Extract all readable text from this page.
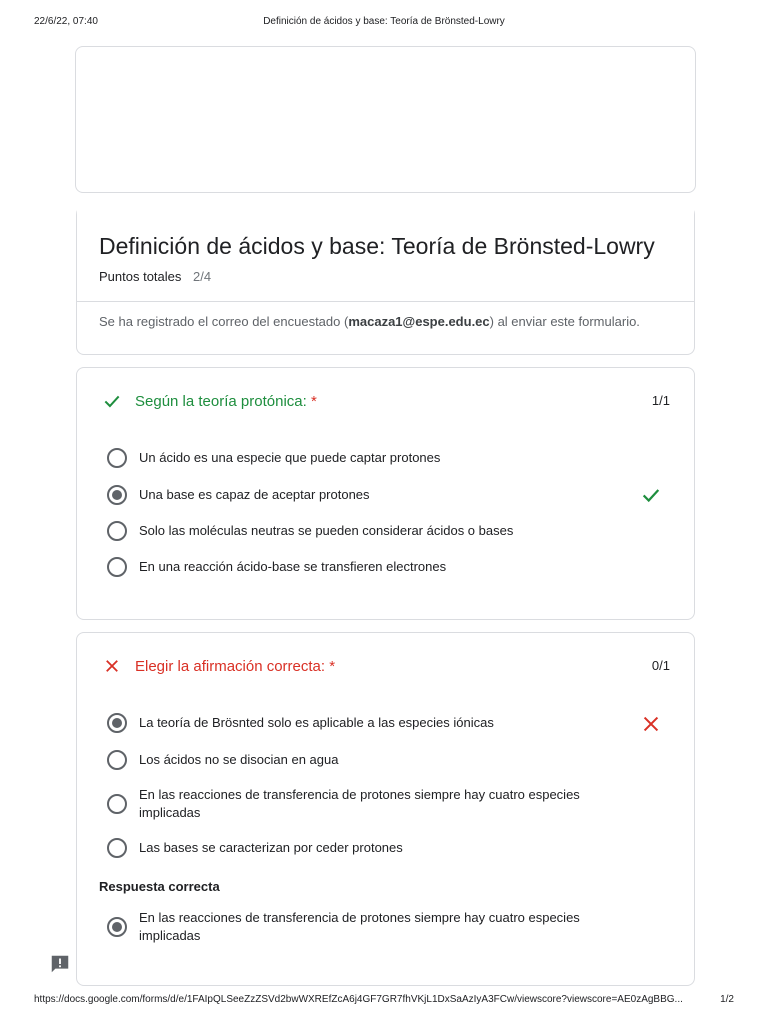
22/6/22, 07:40	Definición de ácidos y base: Teoría de Brönsted-Lowry
Definición de ácidos y base: Teoría de Brönsted-Lowry
Puntos totales 2/4
Se ha registrado el correo del encuestado (macaza1@espe.edu.ec) al enviar este formulario.
Según la teoría protónica: *	1/1
Un ácido es una especie que puede captar protones
Una base es capaz de aceptar protones
Solo las moléculas neutras se pueden considerar ácidos o bases
En una reacción ácido-base se transfieren electrones
Elegir la afirmación correcta: *	0/1
La teoría de Brösnted solo es aplicable a las especies iónicas
Los ácidos no se disocian en agua
En las reacciones de transferencia de protones siempre hay cuatro especies implicadas
Las bases se caracterizan por ceder protones
Respuesta correcta
En las reacciones de transferencia de protones siempre hay cuatro especies implicadas
https://docs.google.com/forms/d/e/1FAIpQLSeeZzZSVd2bwWXREfZcA6j4GF7GR7fhVKjL1DxSaAzIyA3FCw/viewscore?viewscore=AE0zAgBBG...	1/2
